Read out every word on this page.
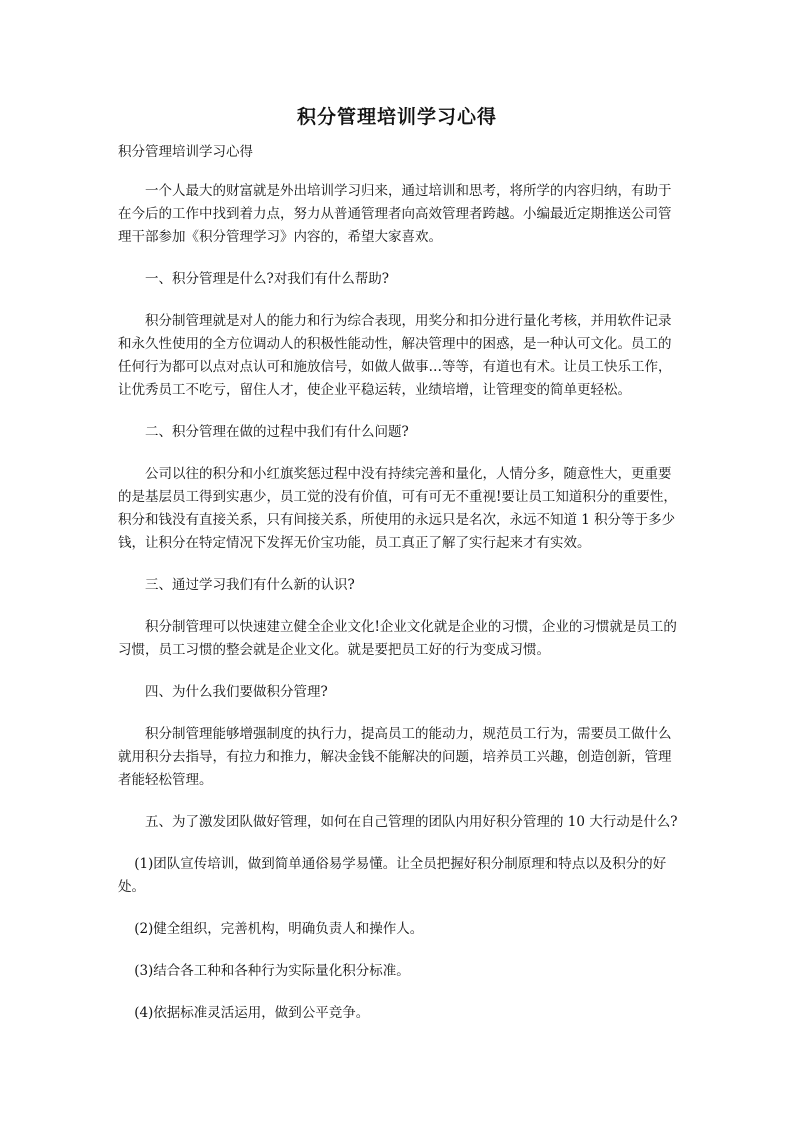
积分管理培训学习心得

积分管理培训学习心得

一个人最大的财富就是外出培训学习归来，通过培训和思考，将所学的内容归纳，有助于在今后的工作中找到着力点，努力从普通管理者向高效管理者跨越。小编最近定期推送公司管理干部参加《积分管理学习》内容的，希望大家喜欢。

一、积分管理是什么?对我们有什么帮助?

积分制管理就是对人的能力和行为综合表现，用奖分和扣分进行量化考核，并用软件记录和永久性使用的全方位调动人的积极性能动性，解决管理中的困惑，是一种认可文化。员工的任何行为都可以点对点认可和施放信号，如做人做事…等等，有道也有术。让员工快乐工作，让优秀员工不吃亏，留住人才，使企业平稳运转，业绩培增，让管理变的简单更轻松。

二、积分管理在做的过程中我们有什么问题?

公司以往的积分和小红旗奖惩过程中没有持续完善和量化，人情分多，随意性大，更重要的是基层员工得到实惠少，员工觉的没有价值，可有可无不重视!要让员工知道积分的重要性，积分和钱没有直接关系，只有间接关系，所使用的永远只是名次，永远不知道 1 积分等于多少钱，让积分在特定情况下发挥无价宝功能，员工真正了解了实行起来才有实效。

三、通过学习我们有什么新的认识?

积分制管理可以快速建立健全企业文化!企业文化就是企业的习惯，企业的习惯就是员工的习惯，员工习惯的整会就是企业文化。就是要把员工好的行为变成习惯。

四、为什么我们要做积分管理?

积分制管理能够增强制度的执行力，提高员工的能动力，规范员工行为，需要员工做什么就用积分去指导，有拉力和推力，解决金钱不能解决的问题，培养员工兴趣，创造创新，管理者能轻松管理。

五、为了激发团队做好管理，如何在自己管理的团队内用好积分管理的 10 大行动是什么?

(1)团队宣传培训，做到简单通俗易学易懂。让全员把握好积分制原理和特点以及积分的好处。

(2)健全组织，完善机构，明确负责人和操作人。

(3)结合各工种和各种行为实际量化积分标准。

(4)依据标准灵活运用，做到公平竞争。
